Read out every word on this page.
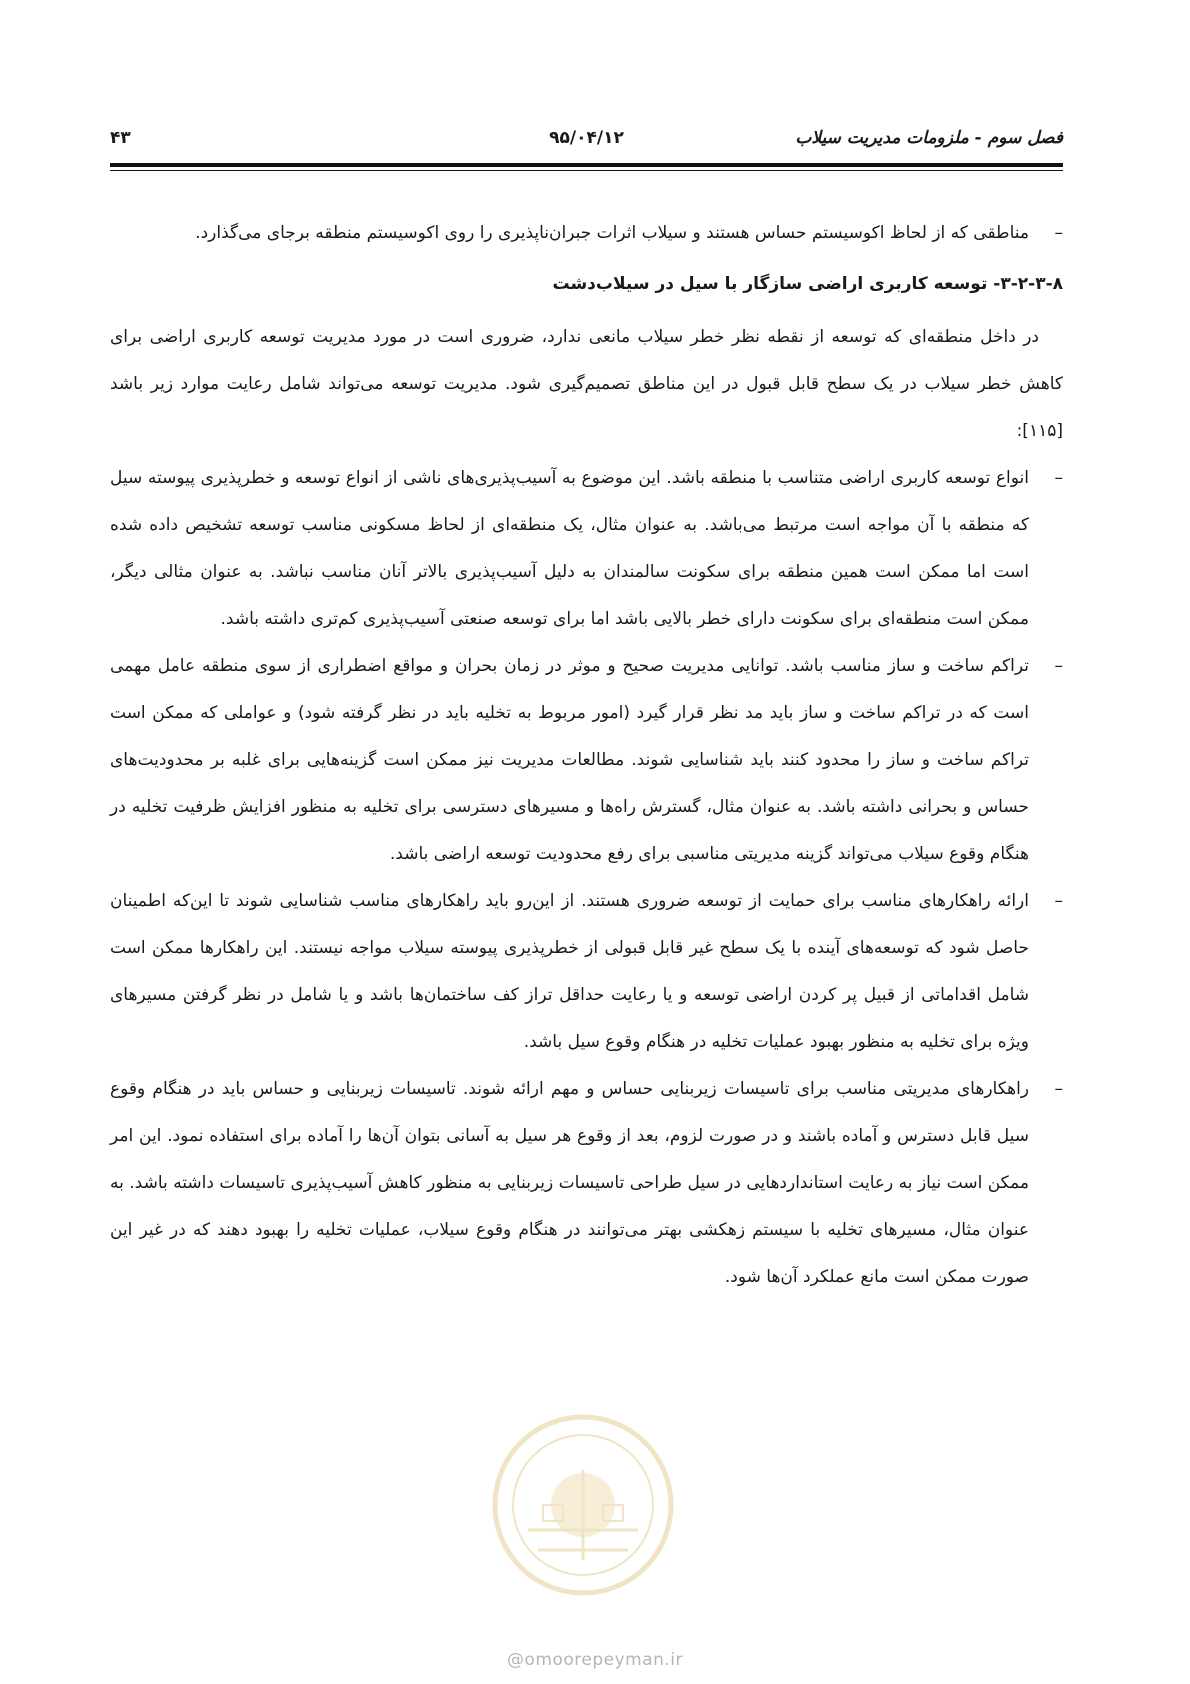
فصل سوم - ملزومات مدیریت سیلاب
۹۵/۰۴/۱۲
۴۳

–
مناطقی که از لحاظ اکوسیستم حساس هستند و سیلاب اثرات جبران‌ناپذیری را روی اکوسیستم منطقه برجای می‌گذارد.

۳-۲-۳-۸- توسعه کاربری اراضی سازگار با سیل در سیلاب‌دشت

در داخل منطقه‌ای که توسعه از نقطه نظر خطر سیلاب مانعی ندارد، ضروری است در مورد مدیریت توسعه کاربری اراضی برای کاهش خطر سیلاب در یک سطح قابل قبول در این مناطق تصمیم‌گیری شود. مدیریت توسعه می‌تواند شامل رعایت موارد زیر باشد [۱۱۵]:

–
انواع توسعه کاربری اراضی متناسب با منطقه باشد. این موضوع به آسیب‌پذیری‌های ناشی از انواع توسعه و خطرپذیری پیوسته سیل که منطقه با آن مواجه است مرتبط می‌باشد. به عنوان مثال، یک منطقه‌ای از لحاظ مسکونی مناسب توسعه تشخیص داده شده است اما ممکن است همین منطقه برای سکونت سالمندان به دلیل آسیب‌پذیری بالاتر آنان مناسب نباشد. به عنوان مثالی دیگر، ممکن است منطقه‌ای برای سکونت دارای خطر بالایی باشد اما برای توسعه صنعتی آسیب‌پذیری کم‌تری داشته باشد.

–
تراکم ساخت و ساز مناسب باشد. توانایی مدیریت صحیح و موثر در زمان بحران و مواقع اضطراری از سوی منطقه عامل مهمی است که در تراکم ساخت و ساز باید مد نظر قرار گیرد (امور مربوط به تخلیه باید در نظر گرفته شود) و عواملی که ممکن است تراکم ساخت و ساز را محدود کنند باید شناسایی شوند. مطالعات مدیریت نیز ممکن است گزینه‌هایی برای غلبه بر محدودیت‌های حساس و بحرانی داشته باشد. به عنوان مثال، گسترش راه‌ها و مسیرهای دسترسی برای تخلیه به منظور افزایش ظرفیت تخلیه در هنگام وقوع سیلاب می‌تواند گزینه مدیریتی مناسبی برای رفع محدودیت توسعه اراضی باشد.

–
ارائه راهکارهای مناسب برای حمایت از توسعه ضروری هستند. از این‌رو باید راهکارهای مناسب شناسایی شوند تا این‌که اطمینان حاصل شود که توسعه‌های آینده با یک سطح غیر قابل قبولی از خطرپذیری پیوسته سیلاب مواجه نیستند. این راهکارها ممکن است شامل اقداماتی از قبیل پر کردن اراضی توسعه و یا رعایت حداقل تراز کف ساختمان‌ها باشد و یا شامل در نظر گرفتن مسیرهای ویژه برای تخلیه به منظور بهبود عملیات تخلیه در هنگام وقوع سیل باشد.

–
راهکارهای مدیریتی مناسب برای تاسیسات زیربنایی حساس و مهم ارائه شوند. تاسیسات زیربنایی و حساس باید در هنگام وقوع سیل قابل دسترس و آماده باشند و در صورت لزوم، بعد از وقوع هر سیل به آسانی بتوان آن‌ها را آماده برای استفاده نمود. این امر ممکن است نیاز به رعایت استانداردهایی در سیل طراحی تاسیسات زیربنایی به منظور کاهش آسیب‌پذیری تاسیسات داشته باشد. به عنوان مثال، مسیرهای تخلیه با سیستم زهکشی بهتر می‌توانند در هنگام وقوع سیلاب، عملیات تخلیه را بهبود دهند که در غیر این صورت ممکن است مانع عملکرد آن‌ها شود.

@omoorepeyman.ir
